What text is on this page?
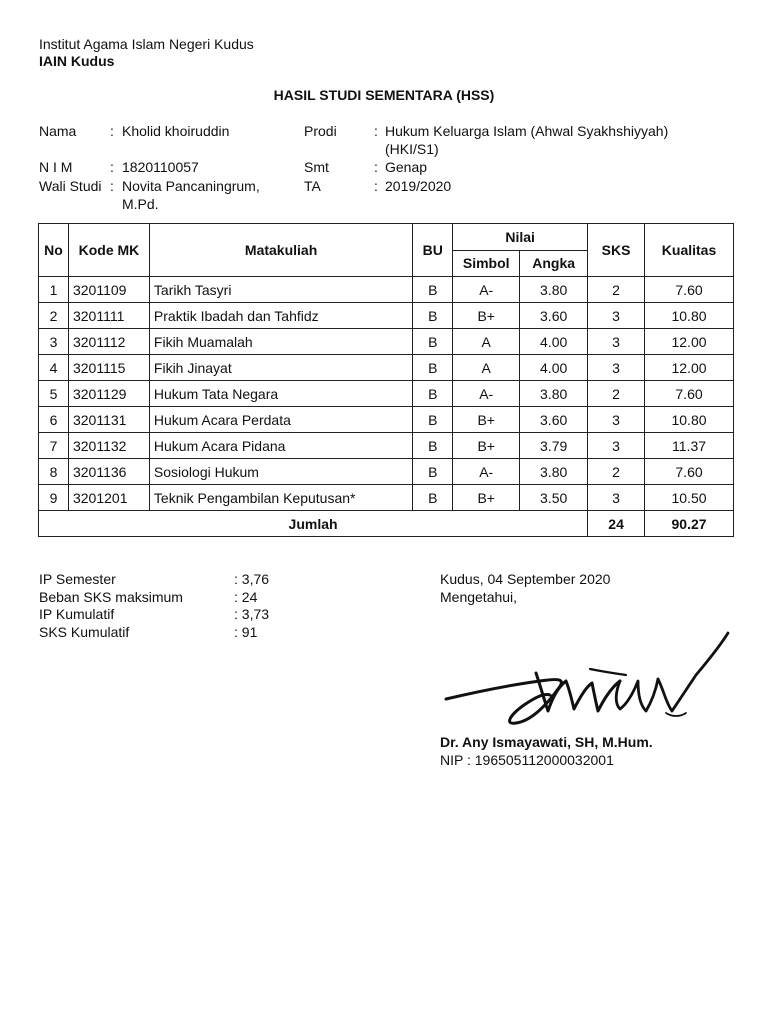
Institut Agama Islam Negeri Kudus
IAIN Kudus
HASIL STUDI SEMENTARA (HSS)
Nama : Kholid khoiruddin
N I M	: 1820110057
Wali Studi : Novita Pancaningrum,
M.Pd.
Prodi	: Hukum Keluarga Islam (Ahwal Syakhshiyyah)
(HKI/S1)
Smt	: Genap
TA	: 2019/2020
No	Kode MK	Matakuliah	BU	Nilai		SKS	Kualitas
				Simbol	Angka		
1	3201109	Tarikh Tasyri	B	A-	3.80	2	7.60
2	3201111	Praktik Ibadah dan Tahfidz	B	B+	3.60	3	10.80
3	3201112	Fikih Muamalah	B	A	4.00	3	12.00
4	3201115	Fikih Jinayat	B	A	4.00	3	12.00
5	3201129	Hukum Tata Negara	B	A-	3.80	2	7.60
6	3201131	Hukum Acara Perdata	B	B+	3.60	3	10.80
7	3201132	Hukum Acara Pidana	B	B+	3.79	3	11.37
8	3201136	Sosiologi Hukum	B	A-	3.80	2	7.60
9	3201201	Teknik Pengambilan Keputusan*	B	B+	3.50	3	10.50
Jumlah						24	90.27
IP Semester	: 3,76
Beban SKS maksimum	: 24
IP Kumulatif	: 3,73
SKS Kumulatif	: 91
Kudus, 04 September 2020
Mengetahui,
Dr. Any Ismayawati, SH, M.Hum.
NIP : 196505112000032001
